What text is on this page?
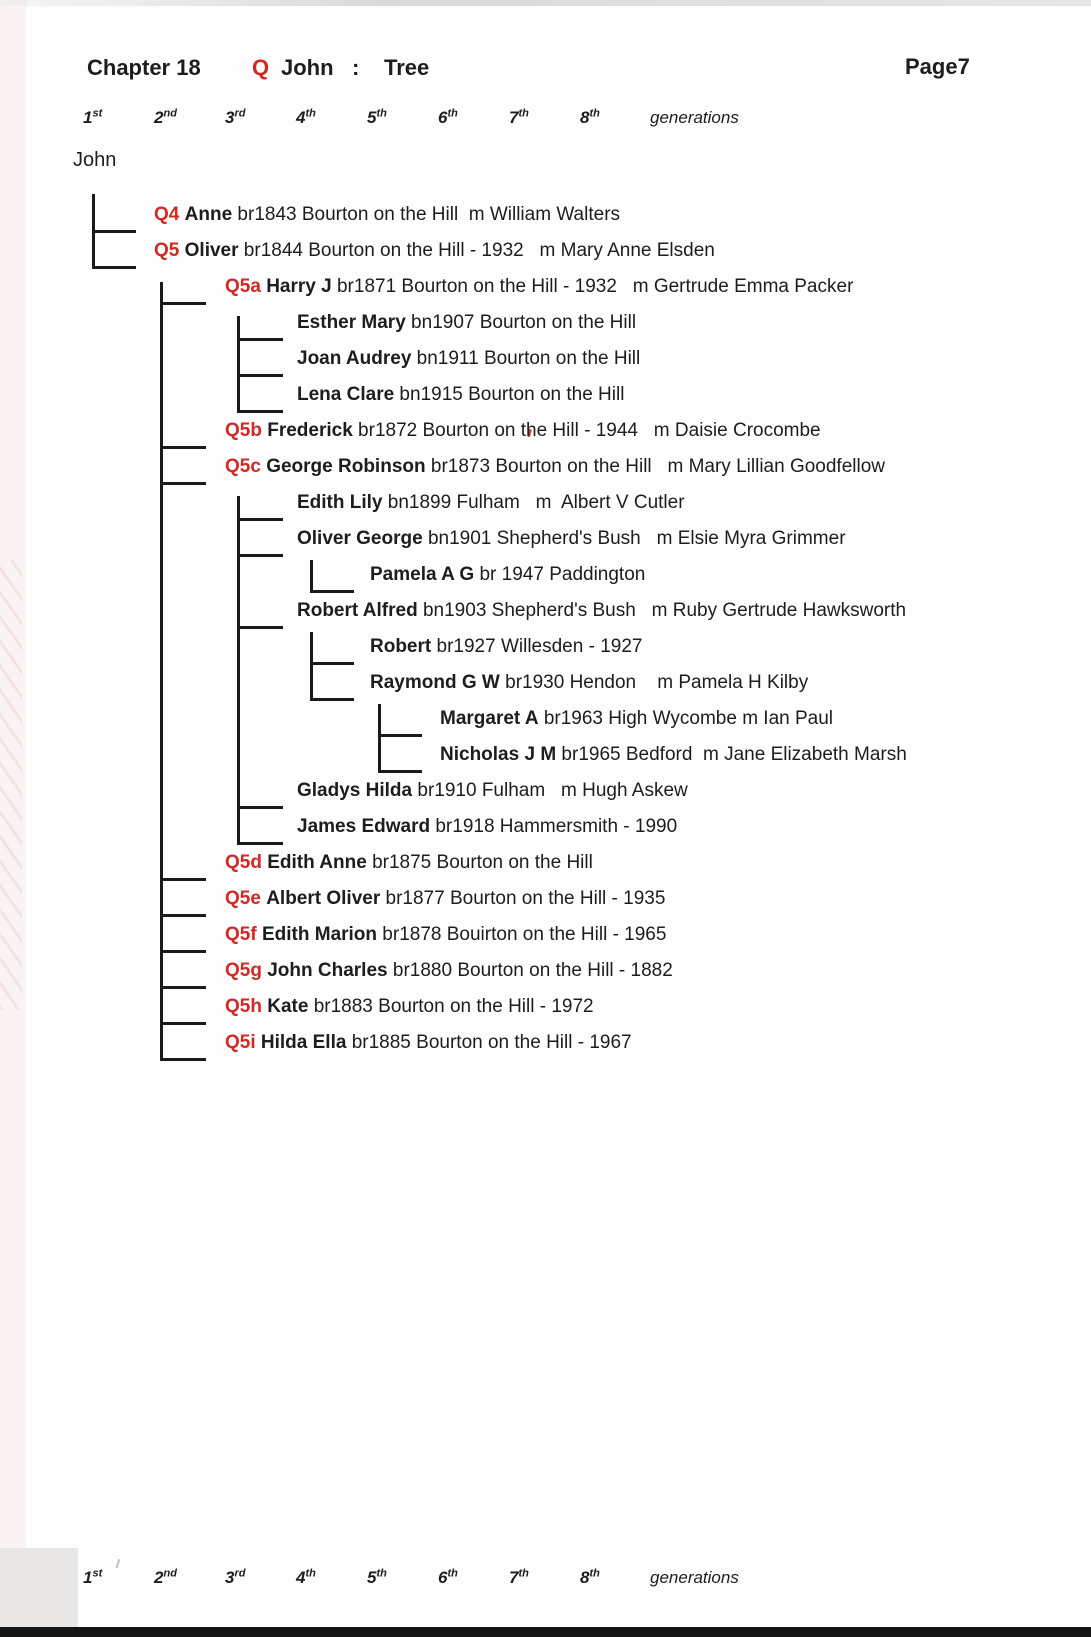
Chapter 18 Q John : Tree	Page7
1st	2nd	3rd	4th	5th	6th	7th	8th	generations
1st	2nd	3rd	4th	5th	6th	7th	8th	generations
John
Q4 Anne br1843 Bourton on the Hill  m William Walters
Q5 Oliver br1844 Bourton on the Hill - 1932   m Mary Anne Elsden
Q5a Harry J br1871 Bourton on the Hill - 1932   m Gertrude Emma Packer
Esther Mary bn1907 Bourton on the Hill
Joan Audrey bn1911 Bourton on the Hill
Lena Clare bn1915 Bourton on the Hill
Q5b Frederick br1872 Bourton on the Hill - 1944   m Daisie Crocombe
Q5c George Robinson br1873 Bourton on the Hill   m Mary Lillian Goodfellow
Edith Lily bn1899 Fulham   m  Albert V Cutler
Oliver George bn1901 Shepherd's Bush   m Elsie Myra Grimmer
Pamela A G br 1947 Paddington
Robert Alfred bn1903 Shepherd's Bush   m Ruby Gertrude Hawksworth
Robert br1927 Willesden - 1927
Raymond G W br1930 Hendon    m Pamela H Kilby
Margaret A br1963 High Wycombe m Ian Paul
Nicholas J M br1965 Bedford  m Jane Elizabeth Marsh
Gladys Hilda br1910 Fulham   m Hugh Askew
James Edward br1918 Hammersmith - 1990
Q5d Edith Anne br1875 Bourton on the Hill
Q5e Albert Oliver br1877 Bourton on the Hill - 1935
Q5f Edith Marion br1878 Bouirton on the Hill - 1965
Q5g John Charles br1880 Bourton on the Hill - 1882
Q5h Kate br1883 Bourton on the Hill - 1972
Q5i Hilda Ella br1885 Bourton on the Hill - 1967
